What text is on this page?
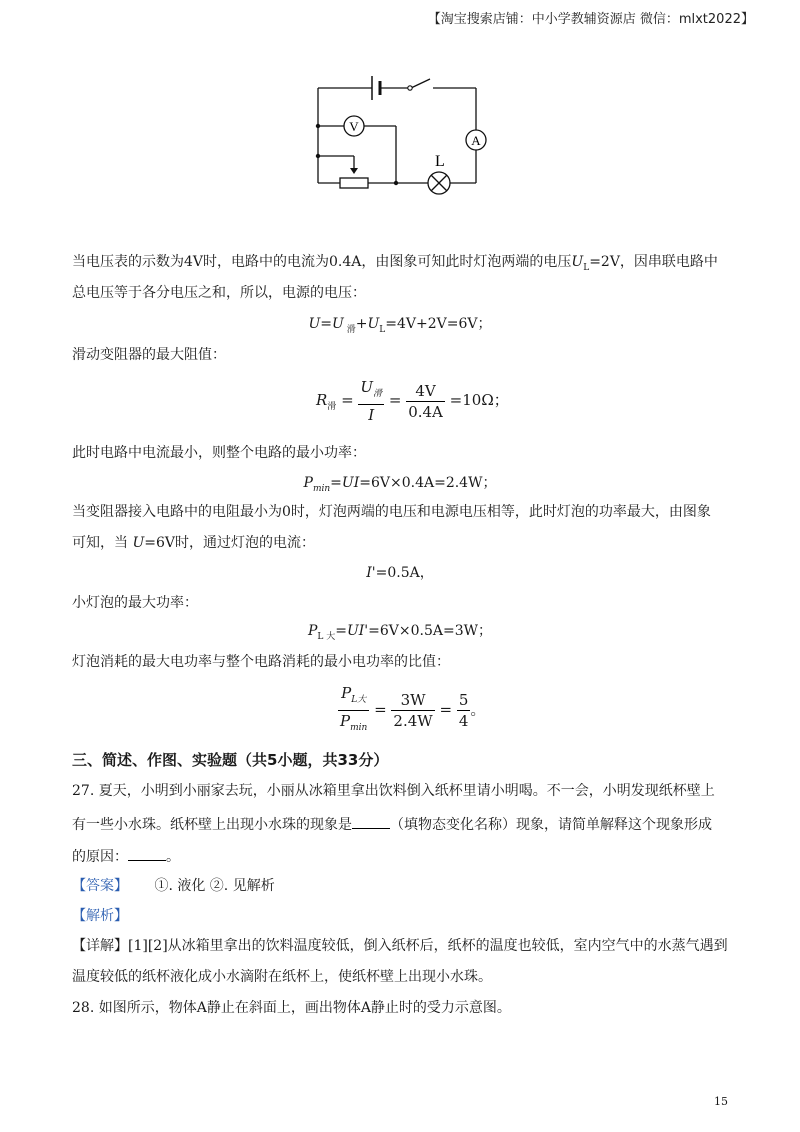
【淘宝搜索店铺：中小学教辅资源店 微信：mlxt2022】
V
A
L
当电压表的示数为4V时，电路中的电流为0.4A，由图象可知此时灯泡两端的电压$U_L=2V$，因串联电路中
总电压等于各分电压之和，所以，电源的电压：
U=U $_滑+U_L=4V+2V=6V$；
滑动变阻器的最大阻值：
$R_滑 = \frac{U_滑}{I} = \frac{4V}{0.4A} =10\Omega$；
此时电路中电流最小，则整个电路的最小功率：
$P_{min}=UI=6V\times 0.4A=2.4W$；
当变阻器接入电路中的电阻最小为0时，灯泡两端的电压和电源电压相等，此时灯泡的功率最大，由图象
可知，当 U=6V时，通过灯泡的电流：
I'=0.5A，
小灯泡的最大功率：
$P_{L 大}=UI'=6V\times 0.5A=3W$；
灯泡消耗的最大电功率与整个电路消耗的最小电功率的比值：
$\frac{P_{L大}}{P_{min}} = \frac{3W}{2.4W} = \frac{5}{4}$ 。
三、简述、作图、实验题（共5小题，共33分）
27. 夏天，小明到小丽家去玩，小丽从冰箱里拿出饮料倒入纸杯里请小明喝。不一会，小明发现纸杯壁上
有一些小水珠。纸杯壁上出现小水珠的现象是	（填物态变化名称）现象，请简单解释这个现象形成
的原因：	。
【答案】 ①. 液化 ②. 见解析
【解析】
【详解】[1][2]从冰箱里拿出的饮料温度较低，倒入纸杯后，纸杯的温度也较低，室内空气中的水蒸气遇到
温度较低的纸杯液化成小水滴附在纸杯上，使纸杯壁上出现小水珠。
28. 如图所示，物体A静止在斜面上，画出物体A静止时的受力示意图。
15
